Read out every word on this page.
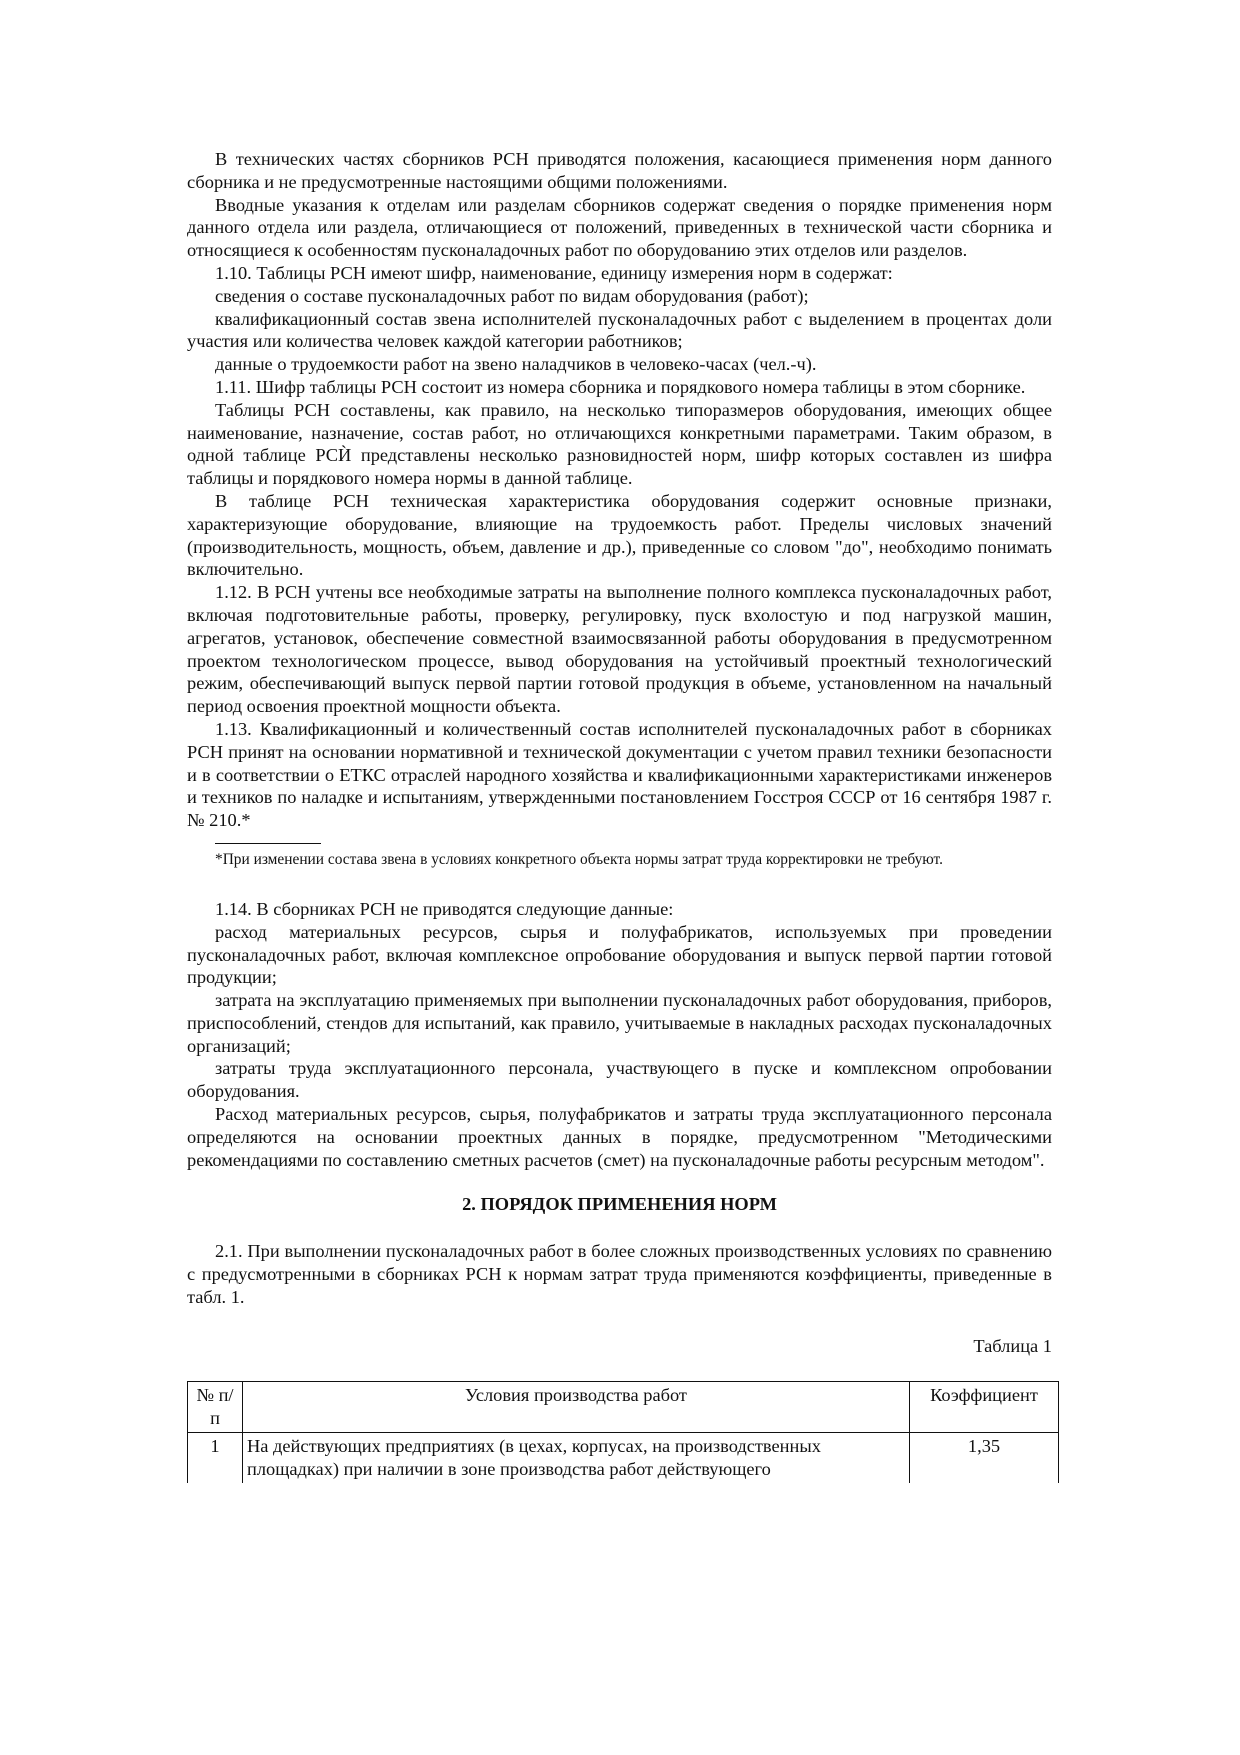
В технических частях сборников РСН приводятся положения, касающиеся применения норм данного сборника и не предусмотренные настоящими общими положениями.

Вводные указания к отделам или разделам сборников содержат сведения о порядке применения норм данного отдела или раздела, отличающиеся от положений, приведенных в технической части сборника и относящиеся к особенностям пусконаладочных работ по оборудованию этих отделов или разделов.

1.10. Таблицы РСН имеют шифр, наименование, единицу измерения норм в содержат:

сведения о составе пусконаладочных работ по видам оборудования (работ);

квалификационный состав звена исполнителей пусконаладочных работ с выделением в процентах доли участия или количества человек каждой категории работников;

данные о трудоемкости работ на звено наладчиков в человеко-часах (чел.-ч).

1.11. Шифр таблицы РСН состоит из номера сборника и порядкового номера таблицы в этом сборнике.

Таблицы РСН составлены, как правило, на несколько типоразмеров оборудования, имеющих общее наименование, назначение, состав работ, но отличающихся конкретными параметрами. Таким образом, в одной таблице РСЍ представлены несколько разновидностей норм, шифр которых составлен из шифра таблицы и порядкового номера нормы в данной таблице.

В таблице РСН техническая характеристика оборудования содержит основные признаки, характеризующие оборудование, влияющие на трудоемкость работ. Пределы числовых значений (производительность, мощность, объем, давление и др.), приведенные со словом "до", необходимо понимать включительно.

1.12. В РСН учтены все необходимые затраты на выполнение полного комплекса пусконаладочных работ, включая подготовительные работы, проверку, регулировку, пуск вхолостую и под нагрузкой машин, агрегатов, установок, обеспечение совместной взаимосвязанной работы оборудования в предусмотренном проектом технологическом процессе, вывод оборудования на устойчивый проектный технологический режим, обеспечивающий выпуск первой партии готовой продукция в объеме, установленном на начальный период освоения проектной мощности объекта.

1.13. Квалификационный и количественный состав исполнителей пусконаладочных работ в сборниках РСН принят на основании нормативной и технической документации с учетом правил техники безопасности и в соответствии о ЕТКС отраслей народного хозяйства и квалификационными характеристиками инженеров и техников по наладке и испытаниям, утвержденными постановлением Госстроя СССР от 16 сентября 1987 г. № 210.*

*При изменении состава звена в условиях конкретного объекта нормы затрат труда корректировки не требуют.

1.14. В сборниках РСН не приводятся следующие данные:

расход материальных ресурсов, сырья и полуфабрикатов, используемых при проведении пусконаладочных работ, включая комплексное опробование оборудования и выпуск первой партии готовой продукции;

затрата на эксплуатацию применяемых при выполнении пусконаладочных работ оборудования, приборов, приспособлений, стендов для испытаний, как правило, учитываемые в накладных расходах пусконаладочных организаций;

затраты труда эксплуатационного персонала, участвующего в пуске и комплексном опробовании оборудования.

Расход материальных ресурсов, сырья, полуфабрикатов и затраты труда эксплуатационного персонала определяются на основании проектных данных в порядке, предусмотренном "Методическими рекомендациями по составлению сметных расчетов (смет) на пусконаладочные работы ресурсным методом".

2. ПОРЯДОК ПРИМЕНЕНИЯ НОРМ

2.1. При выполнении пусконаладочных работ в более сложных производственных условиях по сравнению с предусмотренными в сборниках РСН к нормам затрат труда применяются коэффициенты, приведенные в табл. 1.

Таблица 1

№ п/п	Условия производства работ	Коэффициент
1	На действующих предприятиях (в цехах, корпусах, на производственных площадках) при наличии в зоне производства работ действующего	1,35
